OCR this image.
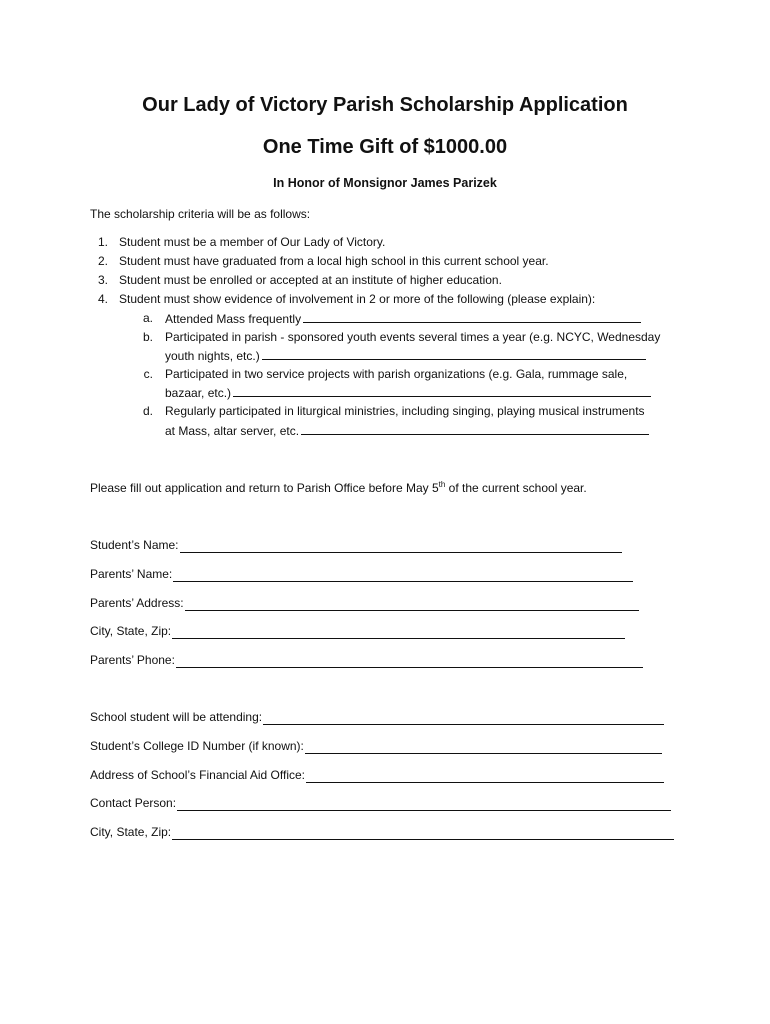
Our Lady of Victory Parish Scholarship Application
One Time Gift of $1000.00
In Honor of Monsignor James Parizek
The scholarship criteria will be as follows:
1. Student must be a member of Our Lady of Victory.
2. Student must have graduated from a local high school in this current school year.
3. Student must be enrolled or accepted at an institute of higher education.
4. Student must show evidence of involvement in 2 or more of the following (please explain):
a. Attended Mass frequently
b. Participated in parish - sponsored youth events several times a year (e.g. NCYC, Wednesday
youth nights, etc.)
c. Participated in two service projects with parish organizations (e.g. Gala, rummage sale,
bazaar, etc.)
d. Regularly participated in liturgical ministries, including singing, playing musical instruments
at Mass, altar server, etc.
Please fill out application and return to Parish Office before May 5th of the current school year.
Student’s Name:
Parents’ Name:
Parents’ Address:
City, State, Zip:
Parents’ Phone:
School student will be attending:
Student’s College ID Number (if known):
Address of School’s Financial Aid Office:
Contact Person:
City, State, Zip:
